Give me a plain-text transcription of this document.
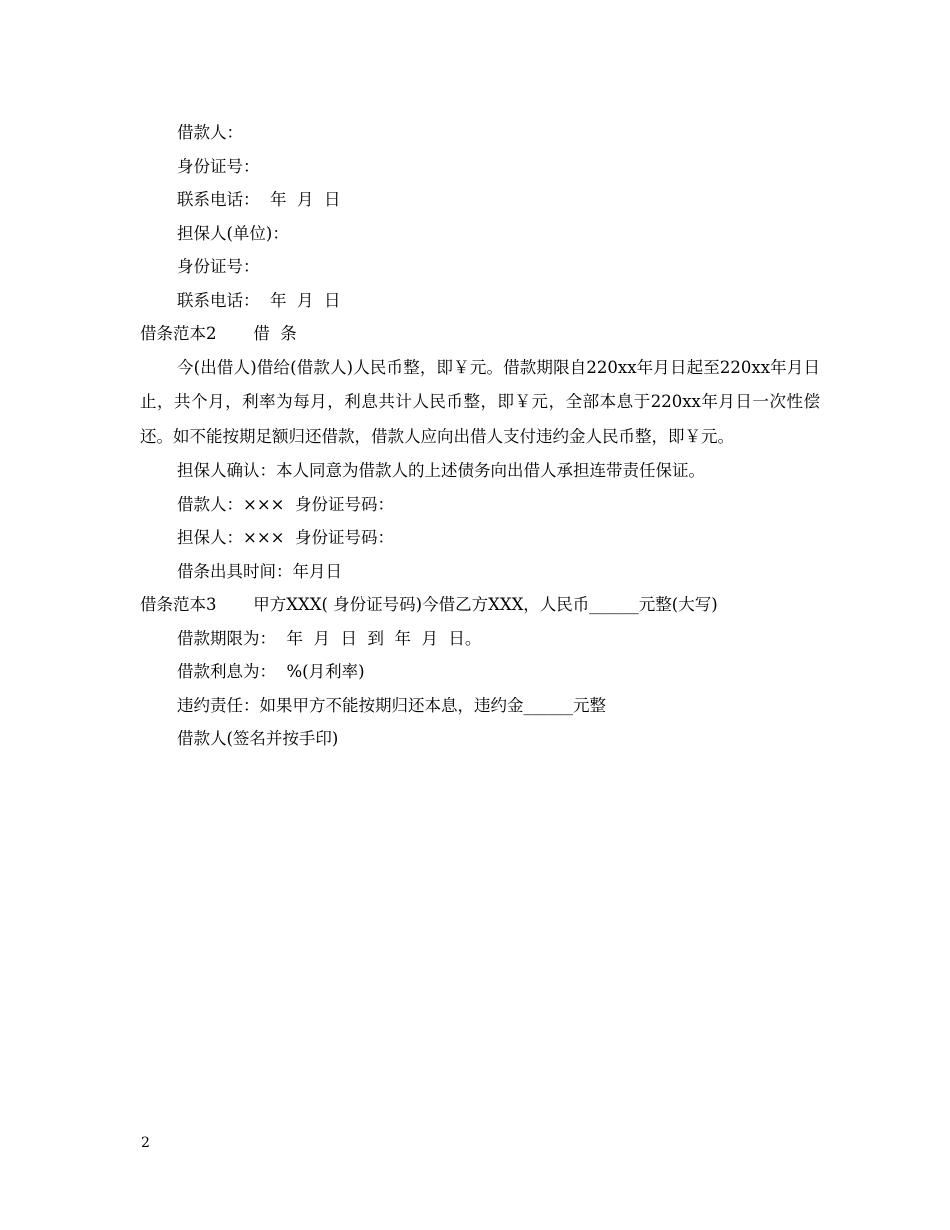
借款人：
身份证号：
联系电话：  年  月  日
担保人(单位)：
身份证号：
联系电话：  年  月  日
借条范本2       借  条

今(出借人)借给(借款人)人民币整，即￥元。借款期限自220xx年月日起至220xx年月日止，共个月，利率为每月，利息共计人民币整，即￥元，全部本息于220xx年月日一次性偿还。如不能按期足额归还借款，借款人应向出借人支付违约金人民币整，即￥元。

担保人确认：本人同意为借款人的上述债务向出借人承担连带责任保证。
借款人：×××  身份证号码：
担保人：×××  身份证号码：
借条出具时间：年月日
借条范本3       甲方XXX( 身份证号码)今借乙方XXX，人民币______元整(大写)
借款期限为：  年  月  日  到  年  月  日。
借款利息为：  %(月利率)
违约责任：如果甲方不能按期归还本息，违约金______元整
借款人(签名并按手印)
2
